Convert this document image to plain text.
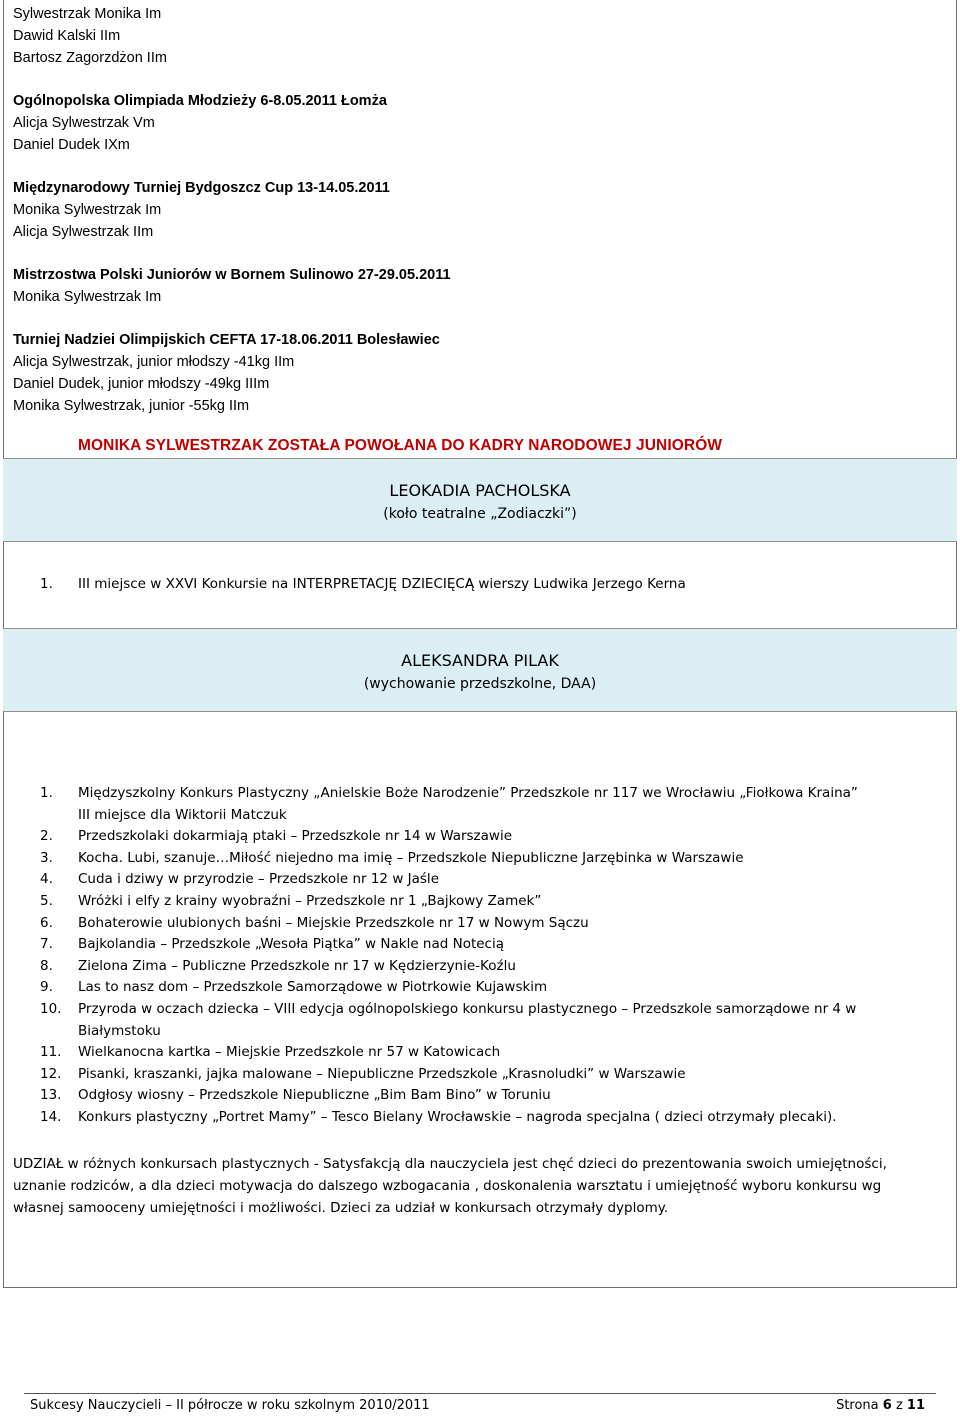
Sylwestrzak Monika Im
Dawid Kalski IIm
Bartosz Zagorzdżon IIm
Ogólnopolska Olimpiada Młodzieży 6-8.05.2011 Łomża
Alicja Sylwestrzak Vm
Daniel Dudek IXm
Międzynarodowy Turniej Bydgoszcz Cup 13-14.05.2011
Monika Sylwestrzak Im
Alicja Sylwestrzak IIm
Mistrzostwa Polski Juniorów w Bornem Sulinowo 27-29.05.2011
Monika Sylwestrzak Im
Turniej Nadziei Olimpijskich CEFTA 17-18.06.2011 Bolesławiec
Alicja Sylwestrzak, junior młodszy -41kg IIm
Daniel Dudek, junior młodszy -49kg IIIm
Monika Sylwestrzak, junior -55kg IIm
MONIKA SYLWESTRZAK ZOSTAŁA POWOŁANA DO KADRY NARODOWEJ JUNIORÓW
LEOKADIA PACHOLSKA
(koło teatralne „Zodiaczki”)
1.	III miejsce w XXVI Konkursie na INTERPRETACJĘ DZIECIĘCĄ wierszy Ludwika Jerzego Kerna
ALEKSANDRA PILAK
(wychowanie przedszkolne, DAA)
1.	Międzyszkolny Konkurs Plastyczny „Anielskie Boże Narodzenie” Przedszkole nr 117 we Wrocławiu „Fiołkowa Kraina”
III miejsce dla Wiktorii Matczuk
2.	Przedszkolaki dokarmiają ptaki – Przedszkole nr 14 w Warszawie
3.	Kocha. Lubi, szanuje…Miłość niejedno ma imię – Przedszkole Niepubliczne Jarzębinka w Warszawie
4.	Cuda i dziwy w przyrodzie – Przedszkole nr 12 w Jaśle
5.	Wróżki i elfy z krainy wyobraźni – Przedszkole nr 1 „Bajkowy Zamek”
6.	Bohaterowie ulubionych baśni – Miejskie Przedszkole nr 17 w Nowym Sączu
7.	Bajkolandia – Przedszkole „Wesoła Piątka” w Nakle nad Notecią
8.	Zielona Zima – Publiczne Przedszkole nr 17 w Kędzierzynie-Koźlu
9.	Las to nasz dom – Przedszkole Samorządowe w Piotrkowie Kujawskim
10.	Przyroda w oczach dziecka – VIII edycja ogólnopolskiego konkursu plastycznego – Przedszkole samorządowe nr 4 w
Białymstoku
11.	Wielkanocna kartka – Miejskie Przedszkole nr 57 w Katowicach
12.	Pisanki, kraszanki, jajka malowane – Niepubliczne Przedszkole „Krasnoludki” w Warszawie
13.	Odgłosy wiosny – Przedszkole Niepubliczne „Bim Bam Bino” w Toruniu
14.	Konkurs plastyczny „Portret Mamy” – Tesco Bielany Wrocławskie – nagroda specjalna ( dzieci otrzymały plecaki).
UDZIAŁ w różnych konkursach plastycznych - Satysfakcją dla nauczyciela jest chęć dzieci do prezentowania swoich umiejętności,
uznanie rodziców, a dla dzieci motywacja do dalszego wzbogacania , doskonalenia warsztatu i umiejętność wyboru konkursu wg
własnej samooceny umiejętności i możliwości. Dzieci za udział w konkursach otrzymały dyplomy.
Sukcesy Nauczycieli – II półrocze w roku szkolnym 2010/2011	Strona 6 z 11
